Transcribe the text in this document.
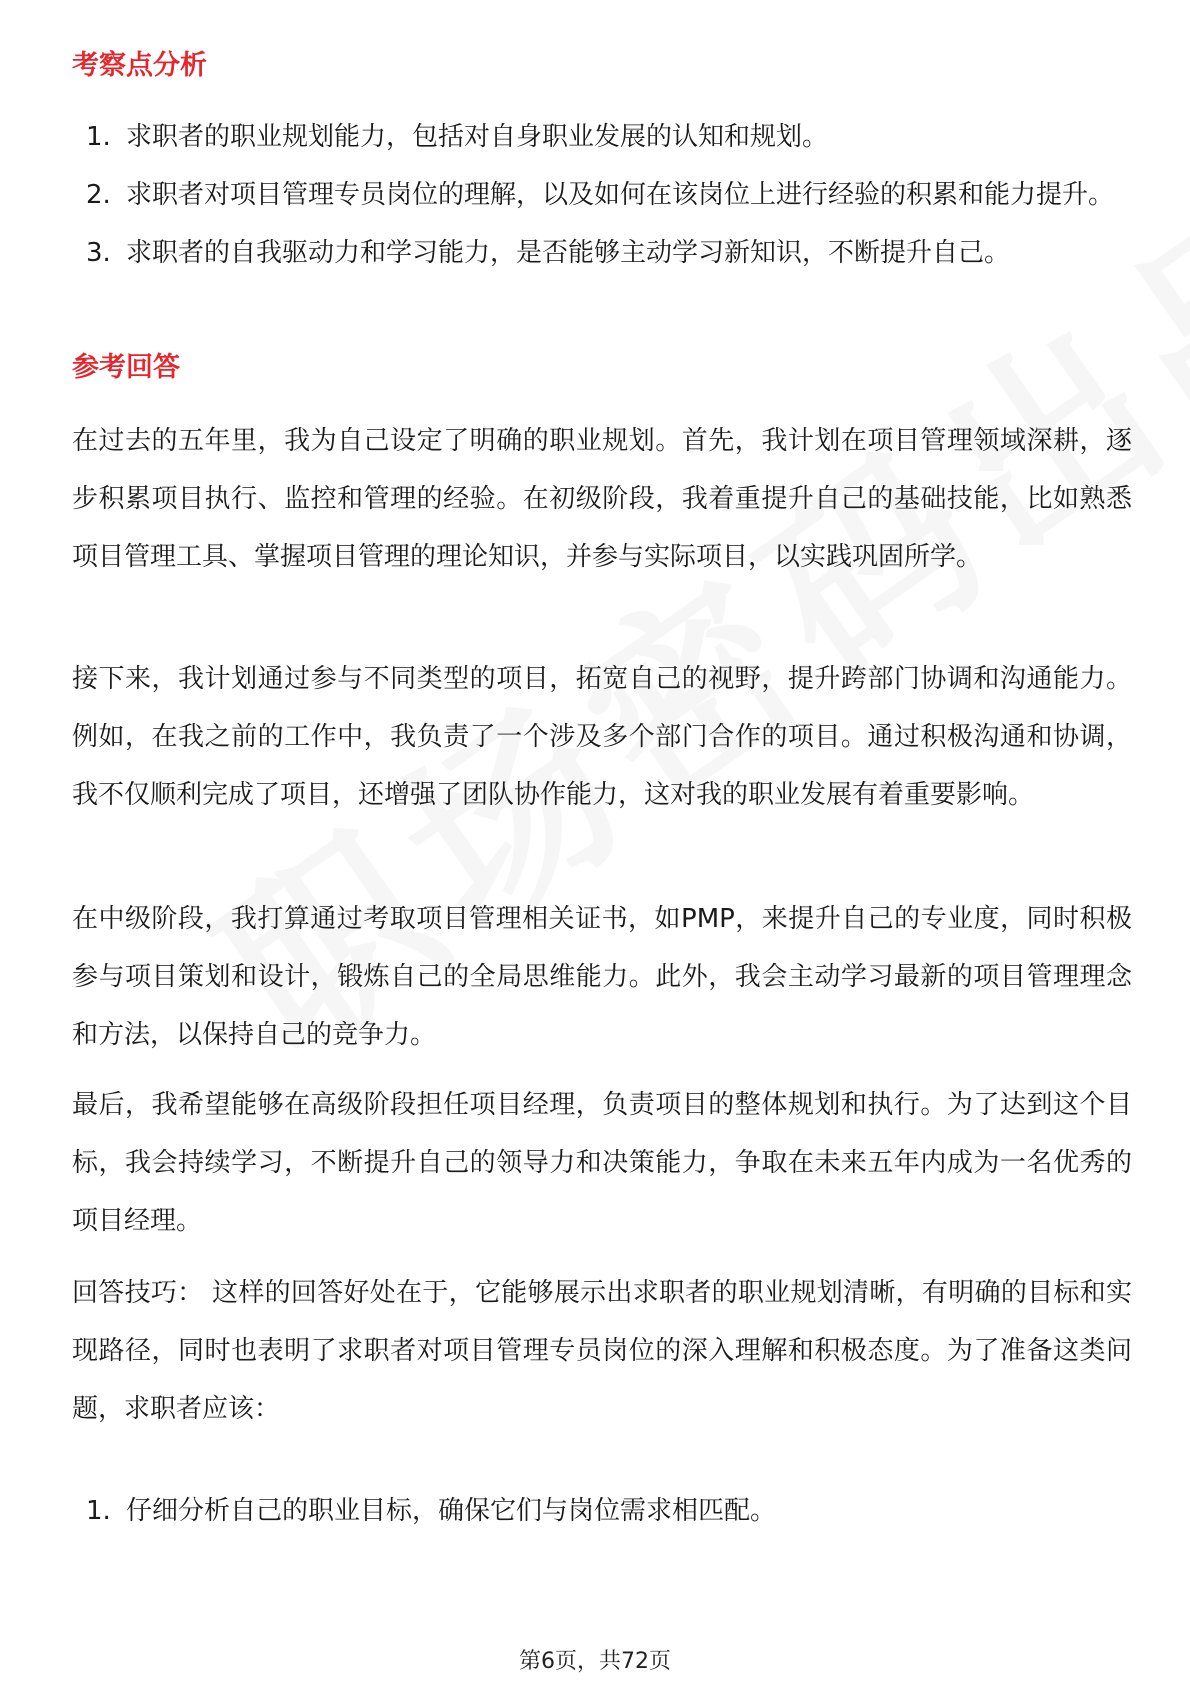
考察点分析
1. 求职者的职业规划能力，包括对自身职业发展的认知和规划。
2. 求职者对项目管理专员岗位的理解，以及如何在该岗位上进行经验的积累和能力提升。
3. 求职者的自我驱动力和学习能力，是否能够主动学习新知识，不断提升自己。
参考回答

在过去的五年里，我为自己设定了明确的职业规划。首先，我计划在项目管理领域深耕，逐步积累项目执行、监控和管理的经验。在初级阶段，我着重提升自己的基础技能，比如熟悉项目管理工具、掌握项目管理的理论知识，并参与实际项目，以实践巩固所学。

接下来，我计划通过参与不同类型的项目，拓宽自己的视野，提升跨部门协调和沟通能力。例如，在我之前的工作中，我负责了一个涉及多个部门合作的项目。通过积极沟通和协调，我不仅顺利完成了项目，还增强了团队协作能力，这对我的职业发展有着重要影响。

在中级阶段，我打算通过考取项目管理相关证书，如PMP，来提升自己的专业度，同时积极参与项目策划和设计，锻炼自己的全局思维能力。此外，我会主动学习最新的项目管理理念和方法，以保持自己的竞争力。

最后，我希望能够在高级阶段担任项目经理，负责项目的整体规划和执行。为了达到这个目标，我会持续学习，不断提升自己的领导力和决策能力，争取在未来五年内成为一名优秀的项目经理。

回答技巧： 这样的回答好处在于，它能够展示出求职者的职业规划清晰，有明确的目标和实现路径，同时也表明了求职者对项目管理专员岗位的深入理解和积极态度。为了准备这类问题，求职者应该：

1. 仔细分析自己的职业目标，确保它们与岗位需求相匹配。
第6页，共72页
